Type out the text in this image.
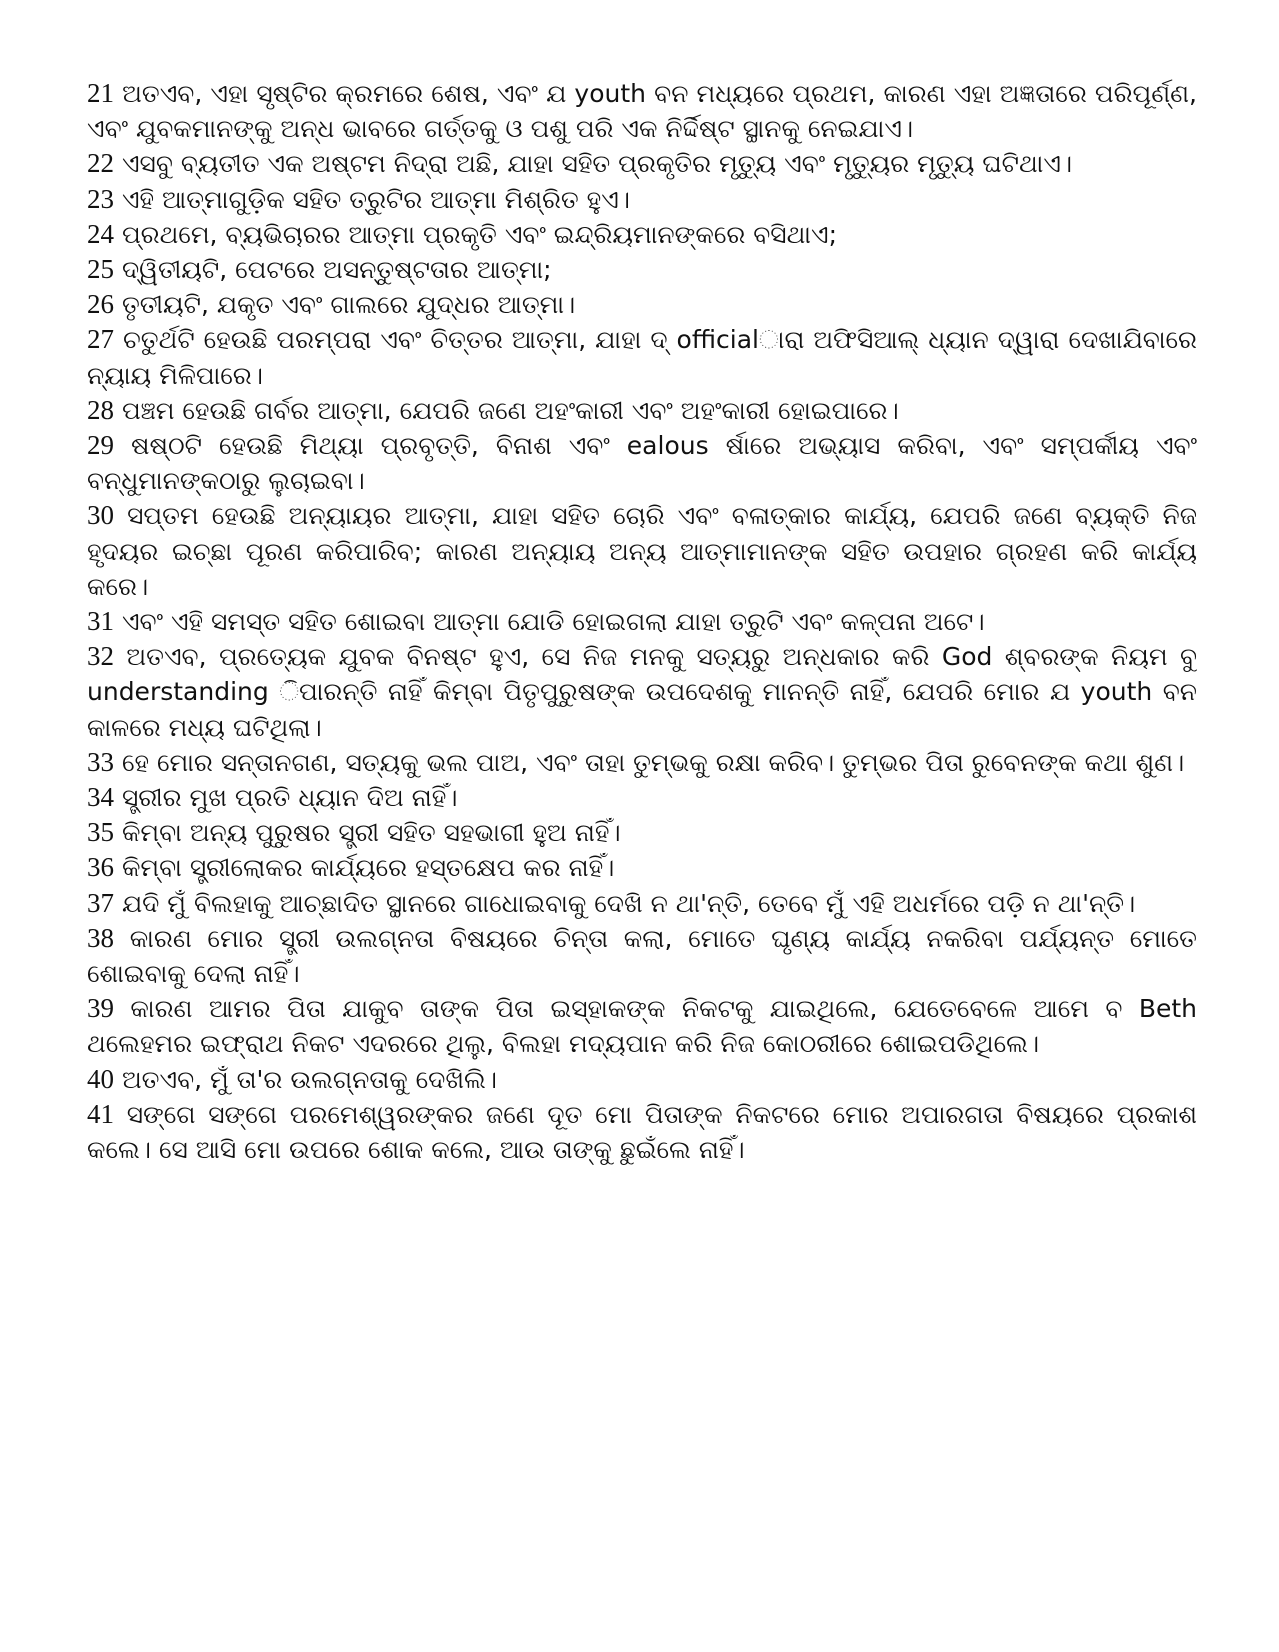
21 ଅତଏବ, ଏହା ସୃଷ୍ଟିର କ୍ରମରେ ଶେଷ, ଏବଂ ଯ youth ବନ ମଧ୍ୟରେ ପ୍ରଥମ, କାରଣ ଏହା ଅଜ୍ଞତାରେ ପରିପୂର୍ଣ୍ଣ, ଏବଂ ଯୁବକମାନଙ୍କୁ ଅନ୍ଧ ଭାବରେ ଗର୍ତ୍ତକୁ ଓ ପଶୁ ପରି ଏକ ନିର୍ଦ୍ଦିଷ୍ଟ ସ୍ଥାନକୁ ନେଇଯାଏ।

22 ଏସବୁ ବ୍ୟତୀତ ଏକ ଅଷ୍ଟମ ନିଦ୍ରା ଅଛି, ଯାହା ସହିତ ପ୍ରକୃତିର ମୃତ୍ୟୁ ଏବଂ ମୃତ୍ୟୁର ମୃତ୍ୟୁ ଘଟିଥାଏ।

23 ଏହି ଆତ୍ମାଗୁଡ଼ିକ ସହିତ ତ୍ରୁଟିର ଆତ୍ମା ମିଶ୍ରିତ ହୁଏ।

24 ପ୍ରଥମେ, ବ୍ୟଭିଚାରର ଆତ୍ମା ପ୍ରକୃତି ଏବଂ ଇନ୍ଦ୍ରିୟମାନଙ୍କରେ ବସିଥାଏ;

25 ଦ୍ୱିତୀୟଟି, ପେଟରେ ଅସନ୍ତୁଷ୍ଟତାର ଆତ୍ମା;

26 ତୃତୀୟଟି, ଯକୃତ ଏବଂ ଗାଲରେ ଯୁଦ୍ଧର ଆତ୍ମା।

27 ଚତୁର୍ଥଟି ହେଉଛି ପରମ୍ପରା ଏବଂ ଚିତ୍ତର ଆତ୍ମା, ଯାହା ଦ୍ officialାରା ଅଫିସିଆଲ୍ ଧ୍ୟାନ ଦ୍ୱାରା ଦେଖାଯିବାରେ ନ୍ୟାୟ ମିଳିପାରେ।

28 ପଞ୍ଚମ ହେଉଛି ଗର୍ବର ଆତ୍ମା, ଯେପରି ଜଣେ ଅହଂକାରୀ ଏବଂ ଅହଂକାରୀ ହୋଇପାରେ।

29 ଷଷ୍ଠଟି ହେଉଛି ମିଥ୍ୟା ପ୍ରବୃତ୍ତି, ବିନାଶ ଏବଂ ealous ର୍ଷାରେ ଅଭ୍ୟାସ କରିବା, ଏବଂ ସମ୍ପର୍କୀୟ ଏବଂ ବନ୍ଧୁମାନଙ୍କଠାରୁ ଲୁଚାଇବା।

30 ସପ୍ତମ ହେଉଛି ଅନ୍ୟାୟର ଆତ୍ମା, ଯାହା ସହିତ ଚୋରି ଏବଂ ବଳାତ୍କାର କାର୍ଯ୍ୟ, ଯେପରି ଜଣେ ବ୍ୟକ୍ତି ନିଜ ହୃଦୟର ଇଚ୍ଛା ପୂରଣ କରିପାରିବ; କାରଣ ଅନ୍ୟାୟ ଅନ୍ୟ ଆତ୍ମାମାନଙ୍କ ସହିତ ଉପହାର ଗ୍ରହଣ କରି କାର୍ଯ୍ୟ କରେ।

31 ଏବଂ ଏହି ସମସ୍ତ ସହିତ ଶୋଇବା ଆତ୍ମା ଯୋଡି ହୋଇଗଲା ଯାହା ତ୍ରୁଟି ଏବଂ କଳ୍ପନା ଅଟେ।

32 ଅତଏବ, ପ୍ରତ୍ୟେକ ଯୁବକ ବିନଷ୍ଟ ହୁଏ, ସେ ନିଜ ମନକୁ ସତ୍ୟରୁ ଅନ୍ଧକାର କରି God ଶ୍ବରଙ୍କ ନିୟମ ବୁ understanding ିପାରନ୍ତି ନାହିଁ କିମ୍ବା ପିତୃପୁରୁଷଙ୍କ ଉପଦେଶକୁ ମାନନ୍ତି ନାହିଁ, ଯେପରି ମୋର ଯ youth ବନ କାଳରେ ମଧ୍ୟ ଘଟିଥିଲା।

33 ହେ ମୋର ସନ୍ତାନଗଣ, ସତ୍ୟକୁ ଭଲ ପାଅ, ଏବଂ ତାହା ତୁମ୍ଭକୁ ରକ୍ଷା କରିବ। ତୁମ୍ଭର ପିତା ରୁବେନଙ୍କ କଥା ଶୁଣ।

34 ସ୍ତ୍ରୀର ମୁଖ ପ୍ରତି ଧ୍ୟାନ ଦିଅ ନାହିଁ।

35 କିମ୍ବା ଅନ୍ୟ ପୁରୁଷର ସ୍ତ୍ରୀ ସହିତ ସହଭାଗୀ ହୁଅ ନାହିଁ।

36 କିମ୍ବା ସ୍ତ୍ରୀଲୋକର କାର୍ଯ୍ୟରେ ହସ୍ତକ୍ଷେପ କର ନାହିଁ।

37 ଯଦି ମୁଁ ବିଲହାକୁ ଆଚ୍ଛାଦିତ ସ୍ଥାନରେ ଗାଧୋଇବାକୁ ଦେଖି ନ ଥା'ନ୍ତି, ତେବେ ମୁଁ ଏହି ଅଧର୍ମରେ ପଡ଼ି ନ ଥା'ନ୍ତି।

38 କାରଣ ମୋର ସ୍ତ୍ରୀ ଉଲଗ୍ନତା ବିଷୟରେ ଚିନ୍ତା କଲା, ମୋତେ ଘୃଣ୍ୟ କାର୍ଯ୍ୟ ନକରିବା ପର୍ଯ୍ୟନ୍ତ ମୋତେ ଶୋଇବାକୁ ଦେଲା ନାହିଁ।

39 କାରଣ ଆମର ପିତା ଯାକୁବ ତାଙ୍କ ପିତା ଇସ୍ହାକଙ୍କ ନିକଟକୁ ଯାଇଥିଲେ, ଯେତେବେଳେ ଆମେ ବ Beth ଥଲେହମର ଇଫ୍ରାଥ ନିକଟ ଏଦରରେ ଥିଲୁ, ବିଲହା ମଦ୍ୟପାନ କରି ନିଜ କୋଠରୀରେ ଶୋଇପଡିଥିଲେ।

40 ଅତଏବ, ମୁଁ ତା'ର ଉଲଗ୍ନତାକୁ ଦେଖିଲି।

41 ସଙ୍ଗେ ସଙ୍ଗେ ପରମେଶ୍ୱରଙ୍କର ଜଣେ ଦୂତ ମୋ ପିତାଙ୍କ ନିକଟରେ ମୋର ଅପାରଗତା ବିଷୟରେ ପ୍ରକାଶ କଲେ। ସେ ଆସି ମୋ ଉପରେ ଶୋକ କଲେ, ଆଉ ତାଙ୍କୁ ଛୁଇଁଲେ ନାହିଁ।
